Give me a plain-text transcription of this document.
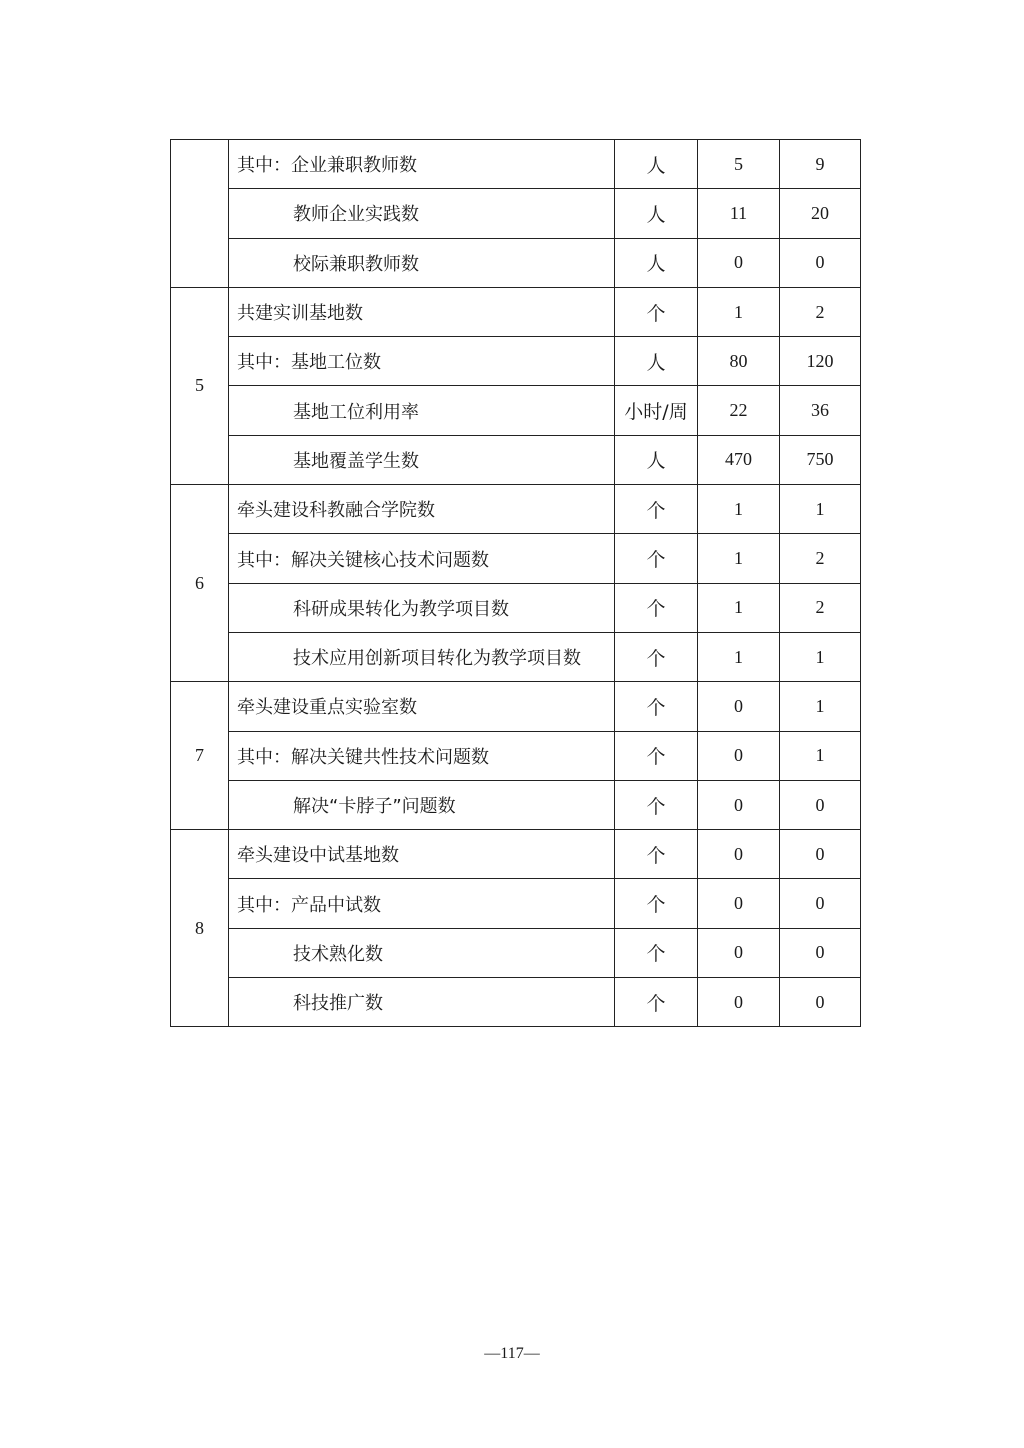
	其中：企业兼职教师数	人	5	9
	教师企业实践数	人	11	20
	校际兼职教师数	人	0	0
5	共建实训基地数	个	1	2
	其中：基地工位数	人	80	120
	基地工位利用率	小时/周	22	36
	基地覆盖学生数	人	470	750
6	牵头建设科教融合学院数	个	1	1
	其中：解决关键核心技术问题数	个	1	2
	科研成果转化为教学项目数	个	1	2
	技术应用创新项目转化为教学项目数	个	1	1
7	牵头建设重点实验室数	个	0	1
	其中：解决关键共性技术问题数	个	0	1
	解决“卡脖子”问题数	个	0	0
8	牵头建设中试基地数	个	0	0
	其中：产品中试数	个	0	0
	技术熟化数	个	0	0
	科技推广数	个	0	0
—117—
